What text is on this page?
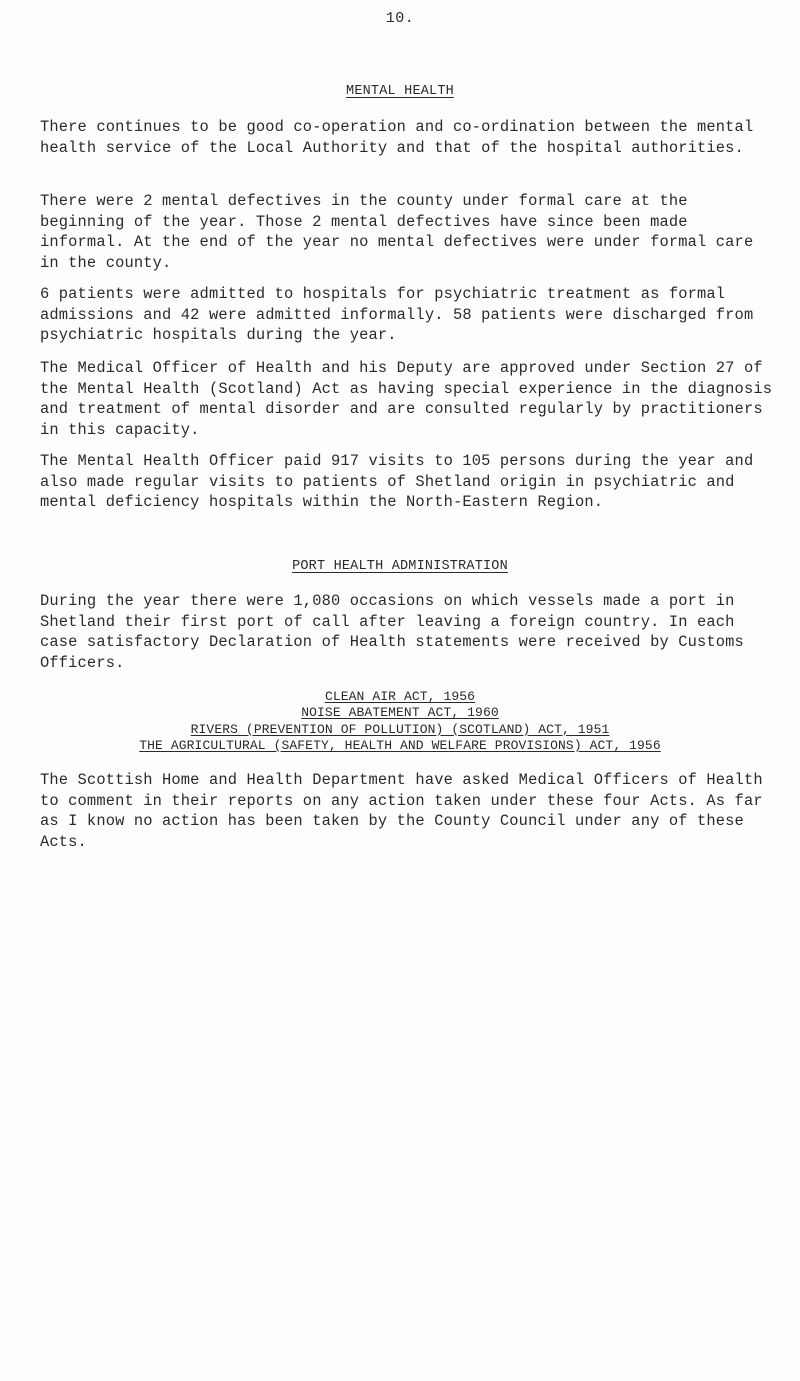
10.
MENTAL HEALTH

There continues to be good co-operation and co-ordination between the mental health service of the Local Authority and that of the hospital authorities.

There were 2 mental defectives in the county under formal care at the beginning of the year. Those 2 mental defectives have since been made informal. At the end of the year no mental defectives were under formal care in the county.

6 patients were admitted to hospitals for psychiatric treatment as formal admissions and 42 were admitted informally. 58 patients were discharged from psychiatric hospitals during the year.

The Medical Officer of Health and his Deputy are approved under Section 27 of the Mental Health (Scotland) Act as having special experience in the diagnosis and treatment of mental disorder and are consulted regularly by practitioners in this capacity.

The Mental Health Officer paid 917 visits to 105 persons during the year and also made regular visits to patients of Shetland origin in psychiatric and mental deficiency hospitals within the North-Eastern Region.

PORT HEALTH ADMINISTRATION

During the year there were 1,080 occasions on which vessels made a port in Shetland their first port of call after leaving a foreign country. In each case satisfactory Declaration of Health statements were received by Customs Officers.

CLEAN AIR ACT, 1956
NOISE ABATEMENT ACT, 1960
RIVERS (PREVENTION OF POLLUTION) (SCOTLAND) ACT, 1951
THE AGRICULTURAL (SAFETY, HEALTH AND WELFARE PROVISIONS) ACT, 1956

The Scottish Home and Health Department have asked Medical Officers of Health to comment in their reports on any action taken under these four Acts. As far as I know no action has been taken by the County Council under any of these Acts.
